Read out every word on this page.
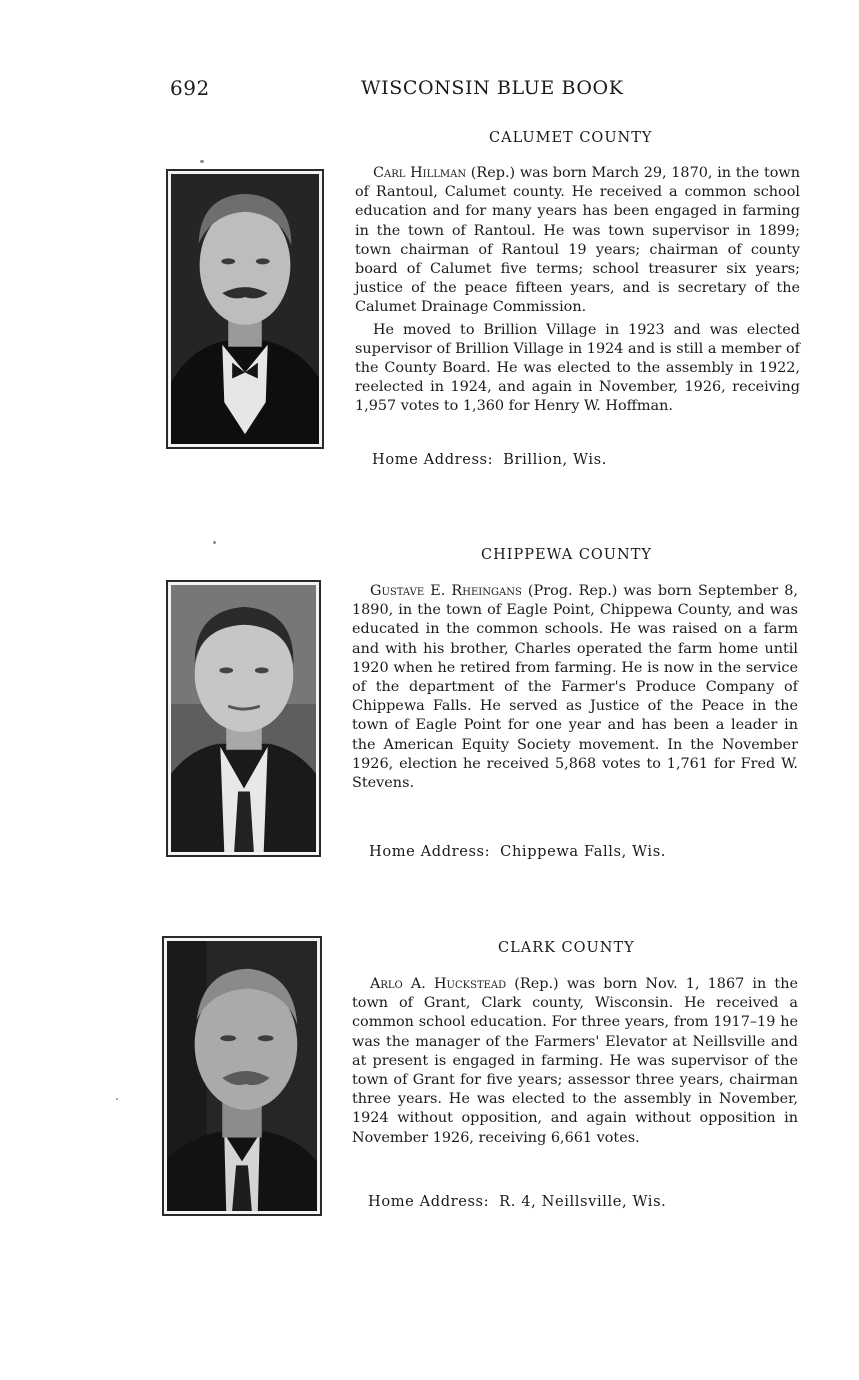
692	WISCONSIN BLUE BOOK
CALUMET COUNTY

Carl Hillman (Rep.) was born March 29, 1870, in the town of Rantoul, Calumet county. He received a common school education and for many years has been engaged in farming in the town of Rantoul. He was town supervisor in 1899; town chairman of Rantoul 19 years; chairman of county board of Calumet five terms; school treasurer six years; justice of the peace fifteen years, and is secretary of the Calumet Drainage Commission.

He moved to Brillion Village in 1923 and was elected supervisor of Brillion Village in 1924 and is still a member of the County Board. He was elected to the assembly in 1922, reelected in 1924, and again in November, 1926, receiving 1,957 votes to 1,360 for Henry W. Hoffman.

Home Address: Brillion, Wis.
CHIPPEWA COUNTY

Gustave E. Rheingans (Prog. Rep.) was born September 8, 1890, in the town of Eagle Point, Chippewa County, and was educated in the common schools. He was raised on a farm and with his brother, Charles operated the farm home until 1920 when he retired from farming. He is now in the service of the department of the Farmer's Produce Company of Chippewa Falls. He served as Justice of the Peace in the town of Eagle Point for one year and has been a leader in the American Equity Society movement. In the November 1926, election he received 5,868 votes to 1,761 for Fred W. Stevens.

Home Address: Chippewa Falls, Wis.
CLARK COUNTY

Arlo A. Huckstead (Rep.) was born Nov. 1, 1867 in the town of Grant, Clark county, Wisconsin. He received a common school education. For three years, from 1917–19 he was the manager of the Farmers' Elevator at Neillsville and at present is engaged in farming. He was supervisor of the town of Grant for five years; assessor three years, chairman three years. He was elected to the assembly in November, 1924 without opposition, and again without opposition in November 1926, receiving 6,661 votes.

Home Address: R. 4, Neillsville, Wis.
